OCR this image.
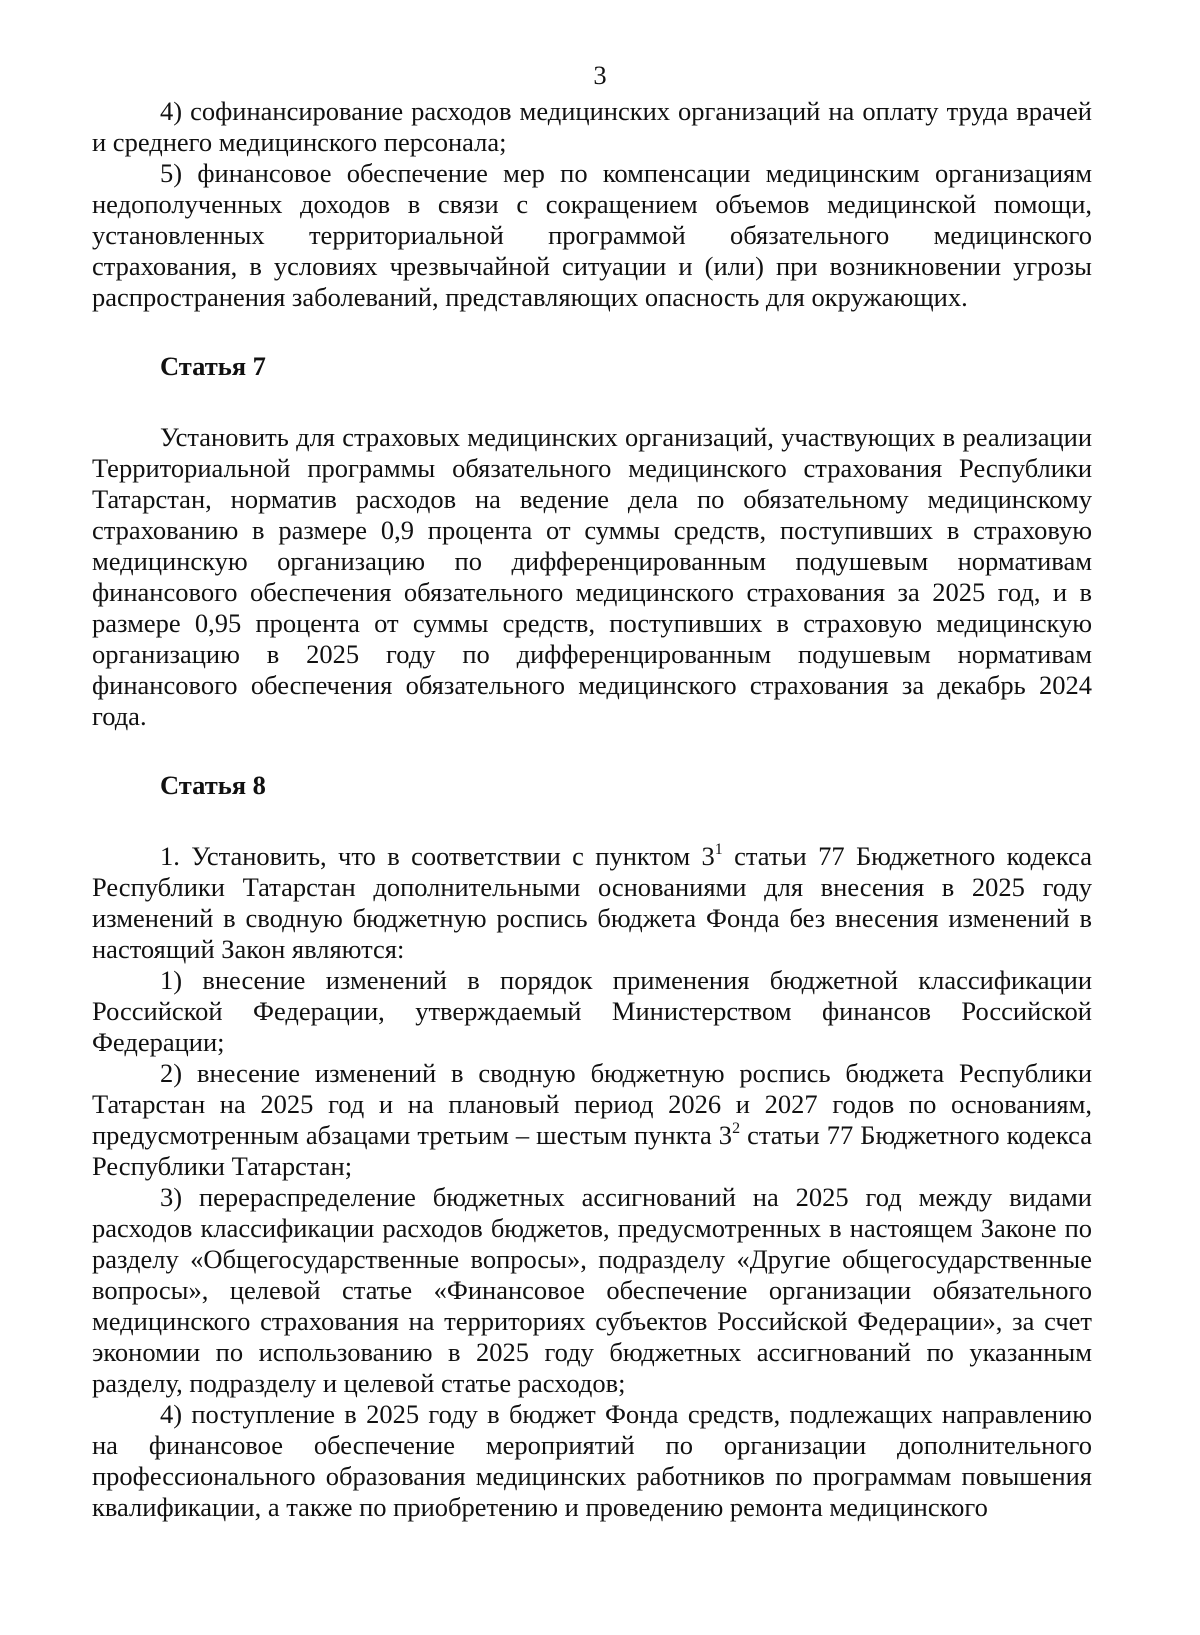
3

4) софинансирование расходов медицинских организаций на оплату труда врачей и среднего медицинского персонала;

5) финансовое обеспечение мер по компенсации медицинским организациям недополученных доходов в связи с сокращением объемов медицинской помощи, установленных территориальной программой обязательного медицинского страхования, в условиях чрезвычайной ситуации и (или) при возникновении угрозы распространения заболеваний, представляющих опасность для окружающих.

Статья 7

Установить для страховых медицинских организаций, участвующих в реализации Территориальной программы обязательного медицинского страхования Республики Татарстан, норматив расходов на ведение дела по обязательному медицинскому страхованию в размере 0,9 процента от суммы средств, поступивших в страховую медицинскую организацию по дифференцированным подушевым нормативам финансового обеспечения обязательного медицинского страхования за 2025 год, и в размере 0,95 процента от суммы средств, поступивших в страховую медицинскую организацию в 2025 году по дифференцированным подушевым нормативам финансового обеспечения обязательного медицинского страхования за декабрь 2024 года.

Статья 8

1. Установить, что в соответствии с пунктом $3^1$ статьи 77 Бюджетного кодекса Республики Татарстан дополнительными основаниями для внесения в 2025 году изменений в сводную бюджетную роспись бюджета Фонда без внесения изменений в настоящий Закон являются:

1) внесение изменений в порядок применения бюджетной классификации Российской Федерации, утверждаемый Министерством финансов Российской Федерации;

2) внесение изменений в сводную бюджетную роспись бюджета Республики Татарстан на 2025 год и на плановый период 2026 и 2027 годов по основаниям, предусмотренным абзацами третьим – шестым пункта $3^2$ статьи 77 Бюджетного кодекса Республики Татарстан;

3) перераспределение бюджетных ассигнований на 2025 год между видами расходов классификации расходов бюджетов, предусмотренных в настоящем Законе по разделу «Общегосударственные вопросы», подразделу «Другие общегосударственные вопросы», целевой статье «Финансовое обеспечение организации обязательного медицинского страхования на территориях субъектов Российской Федерации», за счет экономии по использованию в 2025 году бюджетных ассигнований по указанным разделу, подразделу и целевой статье расходов;

4) поступление в 2025 году в бюджет Фонда средств, подлежащих направлению на финансовое обеспечение мероприятий по организации дополнительного профессионального образования медицинских работников по программам повышения квалификации, а также по приобретению и проведению ремонта медицинского
